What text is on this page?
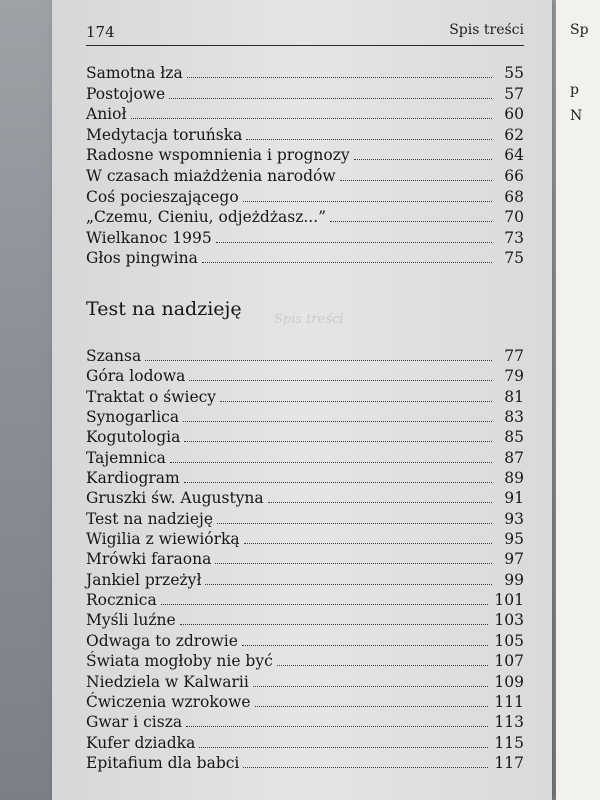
174	Spis treści
Samotna łza	55
Postojowe	57
Anioł	60
Medytacja toruńska	62
Radosne wspomnienia i prognozy	64
W czasach miażdżenia narodów	66
Coś pocieszającego	68
„Czemu, Cieniu, odjeżdżasz...”	70
Wielkanoc 1995	73
Głos pingwina	75
Test na nadzieję Spis treści
Szansa	77
Góra lodowa	79
Traktat o świecy	81
Synogarlica	83
Kogutologia	85
Tajemnica	87
Kardiogram	89
Gruszki św. Augustyna	91
Test na nadzieję	93
Wigilia z wiewiórką	95
Mrówki faraona	97
Jankiel przeżył	99
Rocznica	101
Myśli luźne	103
Odwaga to zdrowie	105
Świata mogłoby nie być	107
Niedziela w Kalwarii	109
Ćwiczenia wzrokowe	111
Gwar i cisza	113
Kufer dziadka	115
Epitafium dla babci	117
Sp
p
N
